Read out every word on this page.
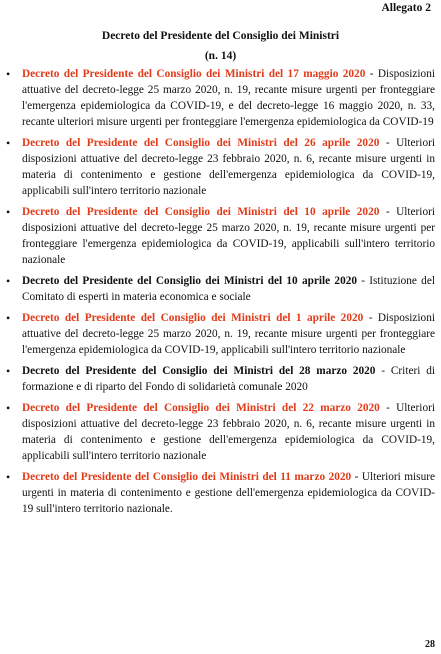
Allegato 2
Decreto del Presidente del Consiglio dei Ministri
(n. 14)
• Decreto del Presidente del Consiglio dei Ministri del 17 maggio 2020 - Disposizioni attuative del decreto-legge 25 marzo 2020, n. 19, recante misure urgenti per fronteggiare l'emergenza epidemiologica da COVID-19, e del decreto-legge 16 maggio 2020, n. 33, recante ulteriori misure urgenti per fronteggiare l'emergenza epidemiologica da COVID-19
• Decreto del Presidente del Consiglio dei Ministri del 26 aprile 2020 - Ulteriori disposizioni attuative del decreto-legge 23 febbraio 2020, n. 6, recante misure urgenti in materia di contenimento e gestione dell'emergenza epidemiologica da COVID-19, applicabili sull'intero territorio nazionale
• Decreto del Presidente del Consiglio dei Ministri del 10 aprile 2020 - Ulteriori disposizioni attuative del decreto-legge 25 marzo 2020, n. 19, recante misure urgenti per fronteggiare l'emergenza epidemiologica da COVID-19, applicabili sull'intero territorio nazionale
• Decreto del Presidente del Consiglio dei Ministri del 10 aprile 2020 - Istituzione del Comitato di esperti in materia economica e sociale
• Decreto del Presidente del Consiglio dei Ministri del 1 aprile 2020 - Disposizioni attuative del decreto-legge 25 marzo 2020, n. 19, recante misure urgenti per fronteggiare l'emergenza epidemiologica da COVID-19, applicabili sull'intero territorio nazionale
• Decreto del Presidente del Consiglio dei Ministri del 28 marzo 2020 - Criteri di formazione e di riparto del Fondo di solidarietà comunale 2020
• Decreto del Presidente del Consiglio dei Ministri del 22 marzo 2020 - Ulteriori disposizioni attuative del decreto-legge 23 febbraio 2020, n. 6, recante misure urgenti in materia di contenimento e gestione dell'emergenza epidemiologica da COVID-19, applicabili sull'intero territorio nazionale
• Decreto del Presidente del Consiglio dei Ministri del 11 marzo 2020 - Ulteriori misure urgenti in materia di contenimento e gestione dell'emergenza epidemiologica da COVID-19 sull'intero territorio nazionale.
28
